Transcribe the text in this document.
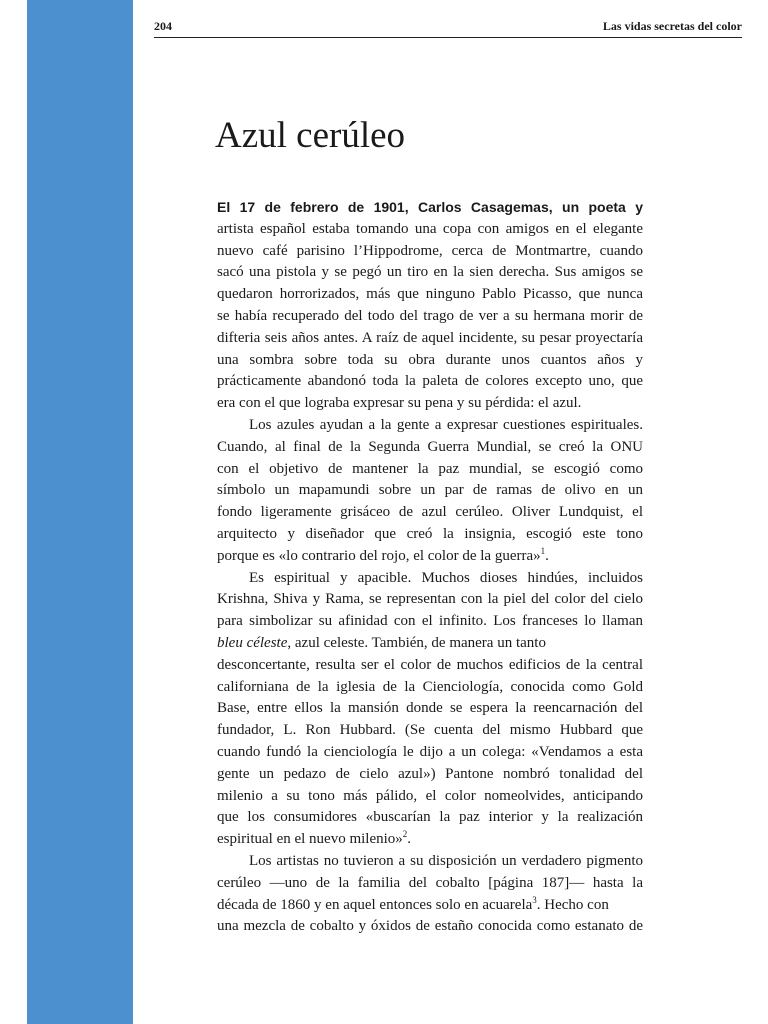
204	Las vidas secretas del color
Azul cerúleo
El 17 de febrero de 1901, Carlos Casagemas, un poeta y
artista español estaba tomando una copa con amigos en el elegante
nuevo café parisino l’Hippodrome, cerca de Montmartre, cuando
sacó una pistola y se pegó un tiro en la sien derecha. Sus amigos se
quedaron horrorizados, más que ninguno Pablo Picasso, que nunca
se había recuperado del todo del trago de ver a su hermana morir de
difteria seis años antes. A raíz de aquel incidente, su pesar proyectaría
una sombra sobre toda su obra durante unos cuantos años y
prácticamente abandonó toda la paleta de colores excepto uno, que
era con el que lograba expresar su pena y su pérdida: el azul.
Los azules ayudan a la gente a expresar cuestiones espirituales.
Cuando, al final de la Segunda Guerra Mundial, se creó la ONU
con el objetivo de mantener la paz mundial, se escogió como
símbolo un mapamundi sobre un par de ramas de olivo en un
fondo ligeramente grisáceo de azul cerúleo. Oliver Lundquist, el
arquitecto y diseñador que creó la insignia, escogió este tono
porque es «lo contrario del rojo, el color de la guerra»$^1$.
Es espiritual y apacible. Muchos dioses hindúes, incluidos
Krishna, Shiva y Rama, se representan con la piel del color del cielo
para simbolizar su afinidad con el infinito. Los franceses lo llaman
bleu céleste, azul celeste. También, de manera un tanto
desconcertante, resulta ser el color de muchos edificios de la central
californiana de la iglesia de la Cienciología, conocida como Gold
Base, entre ellos la mansión donde se espera la reencarnación del
fundador, L. Ron Hubbard. (Se cuenta del mismo Hubbard que
cuando fundó la cienciología le dijo a un colega: «Vendamos a esta
gente un pedazo de cielo azul») Pantone nombró tonalidad del
milenio a su tono más pálido, el color nomeolvides, anticipando
que los consumidores «buscarían la paz interior y la realización
espiritual en el nuevo milenio»$^2$.
Los artistas no tuvieron a su disposición un verdadero pigmento
cerúleo —uno de la familia del cobalto [página 187]— hasta la
década de 1860 y en aquel entonces solo en acuarela$^3$. Hecho con
una mezcla de cobalto y óxidos de estaño conocida como estanato de
